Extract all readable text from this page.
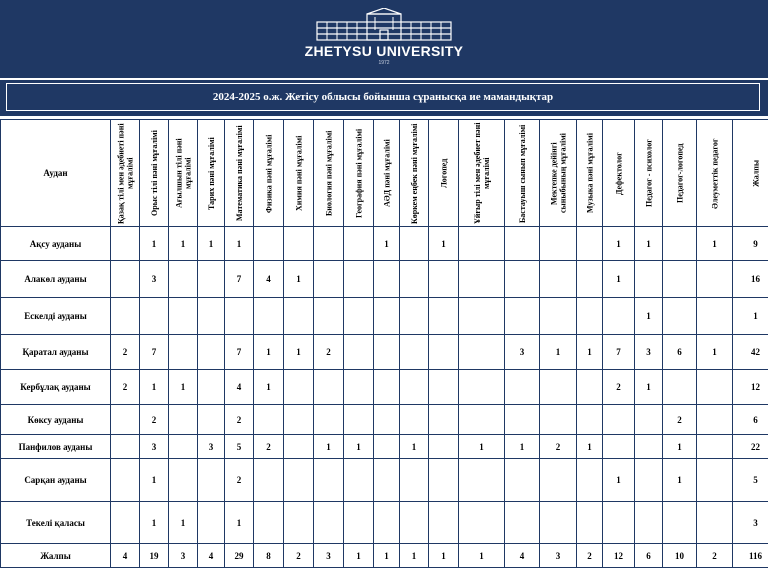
ZHETYSU UNIVERSITY
1972
2024-2025 о.ж. Жетісу облысы бойынша сұранысқа ие мамандықтар
Аудан	Қазақ тілі мен әдебиеті пәні мұғалімі	Орыс тілі пәні мұғалімі	Ағылшын тілі пәні мұғалімі	Тарих пәні мұғалімі	Математика пәні мұғалімі	Физика пәні мұғалімі	Химия пәні мұғалімі	Биология пәні мұғалімі	География пәні мұғалімі	АӘД пәні мұғалімі	Көркем еңбек пәні мұғалімі	Логопед	Ұйғыр тілі мен әдебиет пәні мұғалімі	Бастауыш сынып мұғалімі	Мектепке дейінгі сыныбының мұғалімі	Музыка пәні мұғалімі	Дефектолог	Педагог - психолог	Педагог-логопед	Әлеуметтік педагог	Жалпы
Ақсу ауданы		1	1	1	1					1		1					1	1		1	9
Алакөл ауданы		3			7	4	1										1				16
Ескелді ауданы																		1			1
Қаратал ауданы	2	7			7	1	1	2						3	1	1	7	3	6	1	42
Кербұлақ ауданы	2	1	1		4	1											2	1			12
Көксу ауданы		2			2														2		6
Панфилов ауданы		3		3	5	2		1	1		1		1	1	2	1			1		22
Сарқан ауданы		1			2												1		1		5
Текелі қаласы		1	1		1																3
Жалпы	4	19	3	4	29	8	2	3	1	1	1	1	1	4	3	2	12	6	10	2	116
